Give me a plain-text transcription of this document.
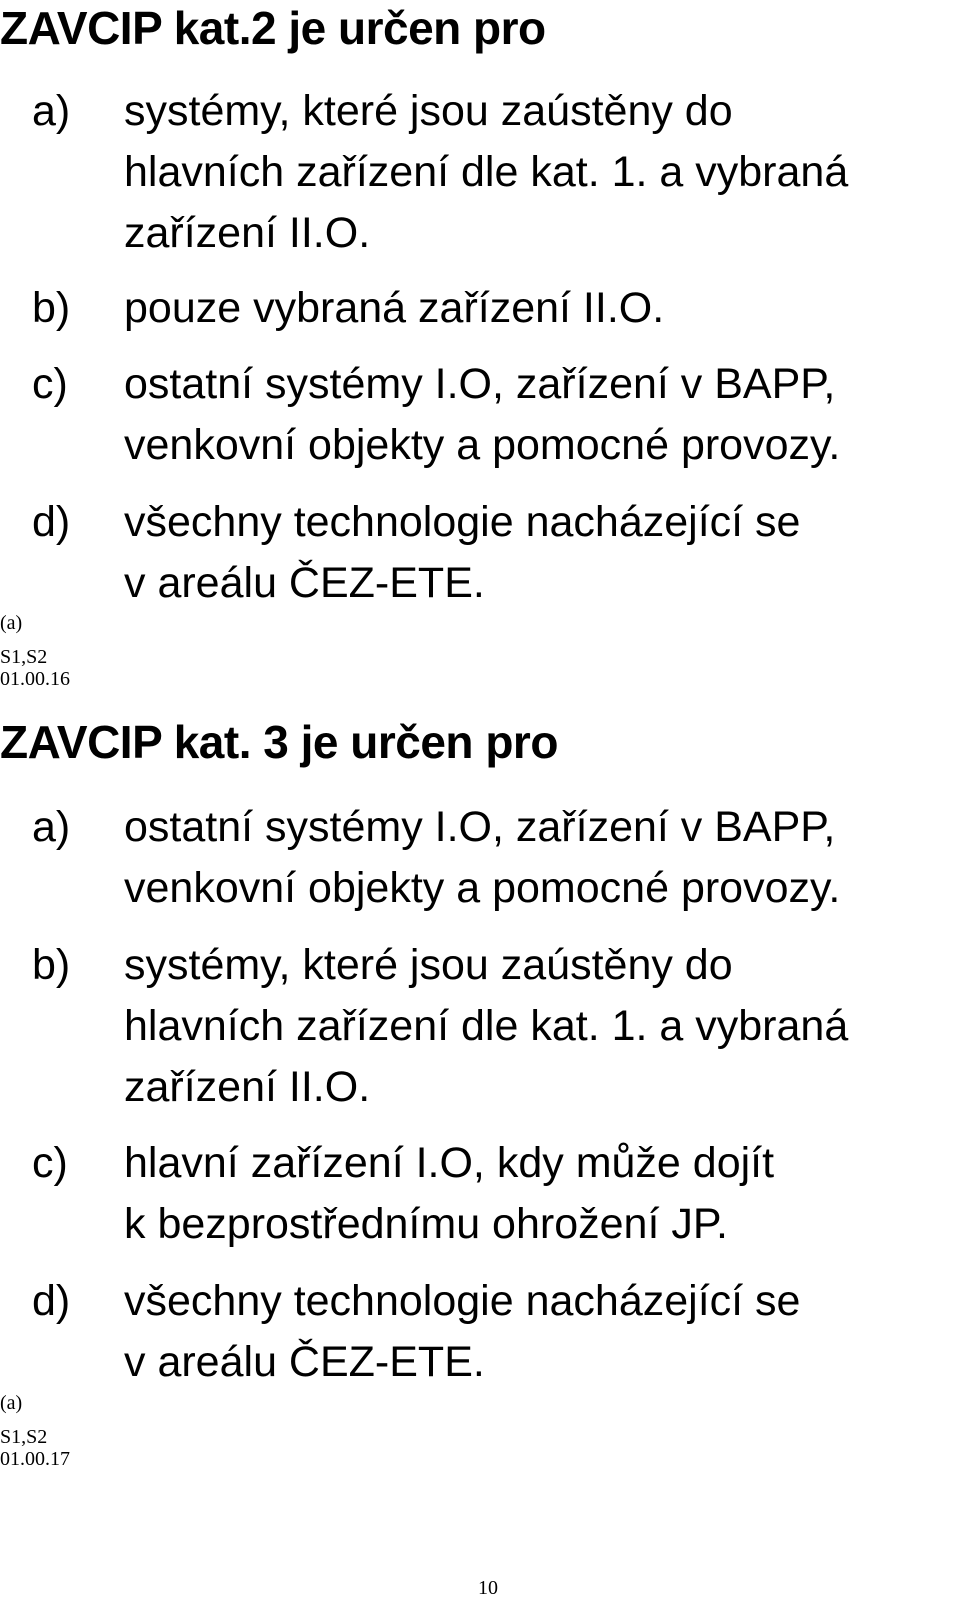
ZAVCIP kat.2 je určen pro
a) systémy, které jsou zaústěny do
hlavních zařízení dle kat. 1. a vybraná
zařízení II.O.
b) pouze vybraná zařízení II.O.
c) ostatní systémy I.O, zařízení v BAPP,
venkovní objekty a pomocné provozy.
d) všechny technologie nacházející se
v areálu ČEZ-ETE.
(a)
S1,S2
01.00.16
ZAVCIP kat. 3 je určen pro
a) ostatní systémy I.O, zařízení v BAPP,
venkovní objekty a pomocné provozy.
b) systémy, které jsou zaústěny do
hlavních zařízení dle kat. 1. a vybraná
zařízení II.O.
c) hlavní zařízení I.O, kdy může dojít
k bezprostřednímu ohrožení JP.
d) všechny technologie nacházející se
v areálu ČEZ-ETE.
(a)
S1,S2
01.00.17
10
